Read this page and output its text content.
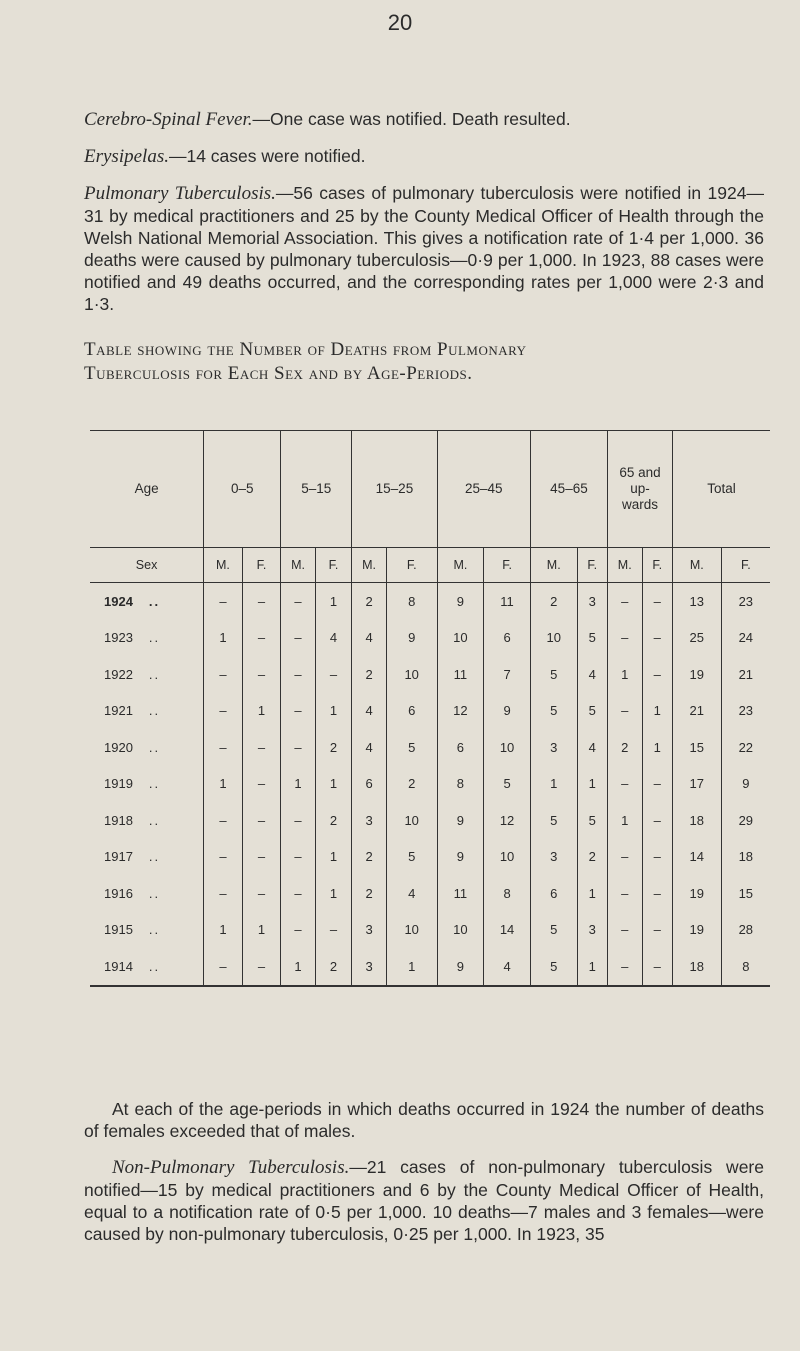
20

Cerebro-Spinal Fever.—One case was notified. Death resulted.

Erysipelas.—14 cases were notified.

Pulmonary Tuberculosis.—56 cases of pulmonary tuberculosis were notified in 1924—31 by medical practitioners and 25 by the County Medical Officer of Health through the Welsh National Memorial Association. This gives a notification rate of 1·4 per 1,000. 36 deaths were caused by pulmonary tuberculosis—0·9 per 1,000. In 1923, 88 cases were notified and 49 deaths occurred, and the corresponding rates per 1,000 were 2·3 and 1·3.

Table showing the Number of Deaths from Pulmonary
Tuberculosis for Each Sex and by Age-Periods.
Age	0–5		5–15		15–25		25–45		45–65		65 and up-wards		Total	
Sex	M.	F.	M.	F.	M.	F.	M.	F.	M.	F.	M.	F.	M.	F.
1924 ..	–	–	–	1	2	8	9	11	2	3	–	–	13	23
1923 ..	1	–	–	4	4	9	10	6	10	5	–	–	25	24
1922 ..	–	–	–	–	2	10	11	7	5	4	1	–	19	21
1921 ..	–	1	–	1	4	6	12	9	5	5	–	1	21	23
1920 ..	–	–	–	2	4	5	6	10	3	4	2	1	15	22
1919 ..	1	–	1	1	6	2	8	5	1	1	–	–	17	9
1918 ..	–	–	–	2	3	10	9	12	5	5	1	–	18	29
1917 ..	–	–	–	1	2	5	9	10	3	2	–	–	14	18
1916 ..	–	–	–	1	2	4	11	8	6	1	–	–	19	15
1915 ..	1	1	–	–	3	10	10	14	5	3	–	–	19	28
1914 ..	–	–	1	2	3	1	9	4	5	1	–	–	18	8

At each of the age-periods in which deaths occurred in 1924 the number of deaths of females exceeded that of males.

Non-Pulmonary Tuberculosis.—21 cases of non-pulmonary tuberculosis were notified—15 by medical practitioners and 6 by the County Medical Officer of Health, equal to a notification rate of 0·5 per 1,000. 10 deaths—7 males and 3 females—were caused by non-pulmonary tuberculosis, 0·25 per 1,000. In 1923, 35
